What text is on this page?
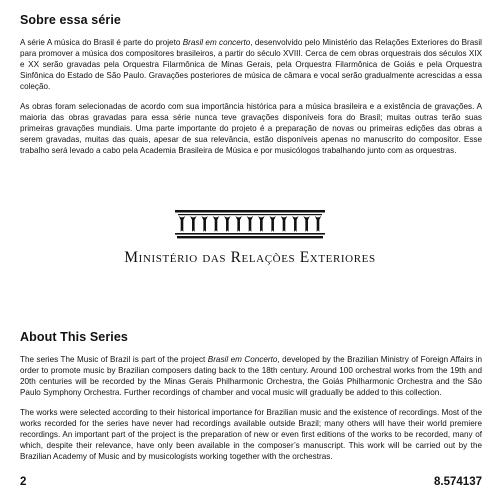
Sobre essa série

A série A música do Brasil é parte do projeto Brasil em concerto, desenvolvido pelo Ministério das Relações Exteriores do Brasil para promover a música dos compositores brasileiros, a partir do século XVIII. Cerca de cem obras orquestrais dos séculos XIX e XX serão gravadas pela Orquestra Filarmônica de Minas Gerais, pela Orquestra Filarmônica de Goiás e pela Orquestra Sinfônica do Estado de São Paulo. Gravações posteriores de música de câmara e vocal serão gradualmente acrescidas a essa coleção.

As obras foram selecionadas de acordo com sua importância histórica para a música brasileira e a existência de gravações. A maioria das obras gravadas para essa série nunca teve gravações disponíveis fora do Brasil; muitas outras terão suas primeiras gravações mundiais. Uma parte importante do projeto é a preparação de novas ou primeiras edições das obras a serem gravadas, muitas das quais, apesar de sua relevância, estão disponíveis apenas no manuscrito do compositor. Esse trabalho será levado a cabo pela Academia Brasileira de Música e por musicólogos trabalhando junto com as orquestras.

Ministério das Relações Exteriores
About This Series

The series The Music of Brazil is part of the project Brasil em Concerto, developed by the Brazilian Ministry of Foreign Affairs in order to promote music by Brazilian composers dating back to the 18th century. Around 100 orchestral works from the 19th and 20th centuries will be recorded by the Minas Gerais Philharmonic Orchestra, the Goiás Philharmonic Orchestra and the São Paulo Symphony Orchestra. Further recordings of chamber and vocal music will gradually be added to this collection.

The works were selected according to their historical importance for Brazilian music and the existence of recordings. Most of the works recorded for the series have never had recordings available outside Brazil; many others will have their world premiere recordings. An important part of the project is the preparation of new or even first editions of the works to be recorded, many of which, despite their relevance, have only been available in the composer’s manuscript. This work will be carried out by the Brazilian Academy of Music and by musicologists working together with the orchestras.

2	8.574137
